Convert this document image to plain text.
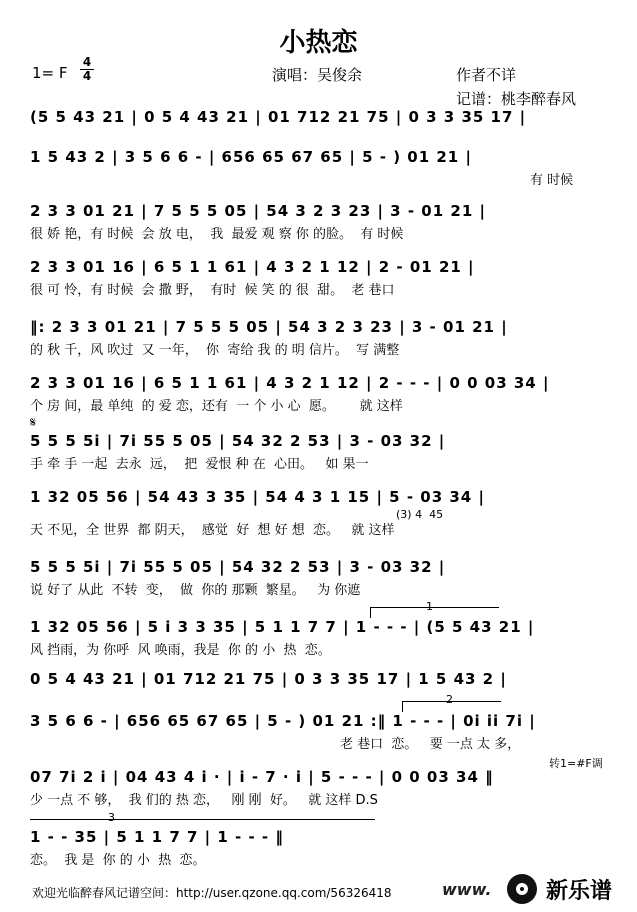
小热恋
1= F
4
4	演唱：吴俊余	作者不详
记谱：桃李醉春风
(5 5 43 21 | 0 5 4 43 21 | 01 712 21 75 | 0 3 3 35 17 |
1 5 43 2 | 3 5 6 6 - | 656 65 67 65 | 5 - ) 01 21 |
有 时候
2 3 3 01 21 | 7 5 5 5 05 | 54 3 2 3 23 | 3 - 01 21 |
很 娇 艳，有 时候  会 放 电，  我  最爱 观 察 你 的脸。  有 时候
2 3 3 01 16 | 6 5 1 1 61 | 4 3 2 1 12 | 2 - 01 21 |
很 可 怜，有 时候  会 撒 野，  有时  候 笑 的 很  甜。  老 巷口
‖: 2 3 3 01 21 | 7 5 5 5 05 | 54 3 2 3 23 | 3 - 01 21 |
的 秋 千，风 吹过  又 一年，  你  寄给 我 的 明 信片。  写 满整
2 3 3 01 16 | 6 5 1 1 61 | 4 3 2 1 12 | 2 - - - | 0 0 03 34 |
个 房 间，最 单纯  的 爱 恋，还有  一 个 小 心  愿。      就 这样
5 5 5 5i | 7i 55 5 05 | 54 32 2 53 | 3 - 03 32 |
手 牵 手 一起  去永  远，  把  爱恨 种 在  心田。   如 果一
1 32 05 56 | 54 43 3 35 | 54 4 3 1 15 | 5 - 03 34 |
天 不见，全 世界  都 阴天，  感觉  好  想 好 想  恋。   就 这样
5 5 5 5i | 7i 55 5 05 | 54 32 2 53 | 3 - 03 32 |
说 好了 从此  不转  变，  做  你的 那颗  繁星。   为 你遮
1 32 05 56 | 5 i 3 3 35 | 5 1 1 7 7 | 1 - - - | (5 5 43 21 |
风 挡雨，为 你呼  风 唤雨，我是  你 的 小  热  恋。
0 5 4 43 21 | 01 712 21 75 | 0 3 3 35 17 | 1 5 43 2 |
3 5 6 6 - | 656 65 67 65 | 5 - ) 01 21 :‖ 1 - - - | 0i ii 7i |
老 巷口  恋。   要 一点 太 多，
07 7i 2 i | 04 43 4 i · | i - 7 · i | 5 - - - | 0 0 03 34 ‖
少 一点 不 够，  我 们的 热 恋，   刚 刚  好。   就 这样 D.S
1 - - 35 | 5 1 1 7 7 | 1 - - - ‖
恋。  我 是  你 的 小  热  恋。
𝄋
(3) 4  45
1
2
转1=#F调
3
欢迎光临醉春风记谱空间：http://user.qzone.qq.com/56326418	www. 新乐谱
